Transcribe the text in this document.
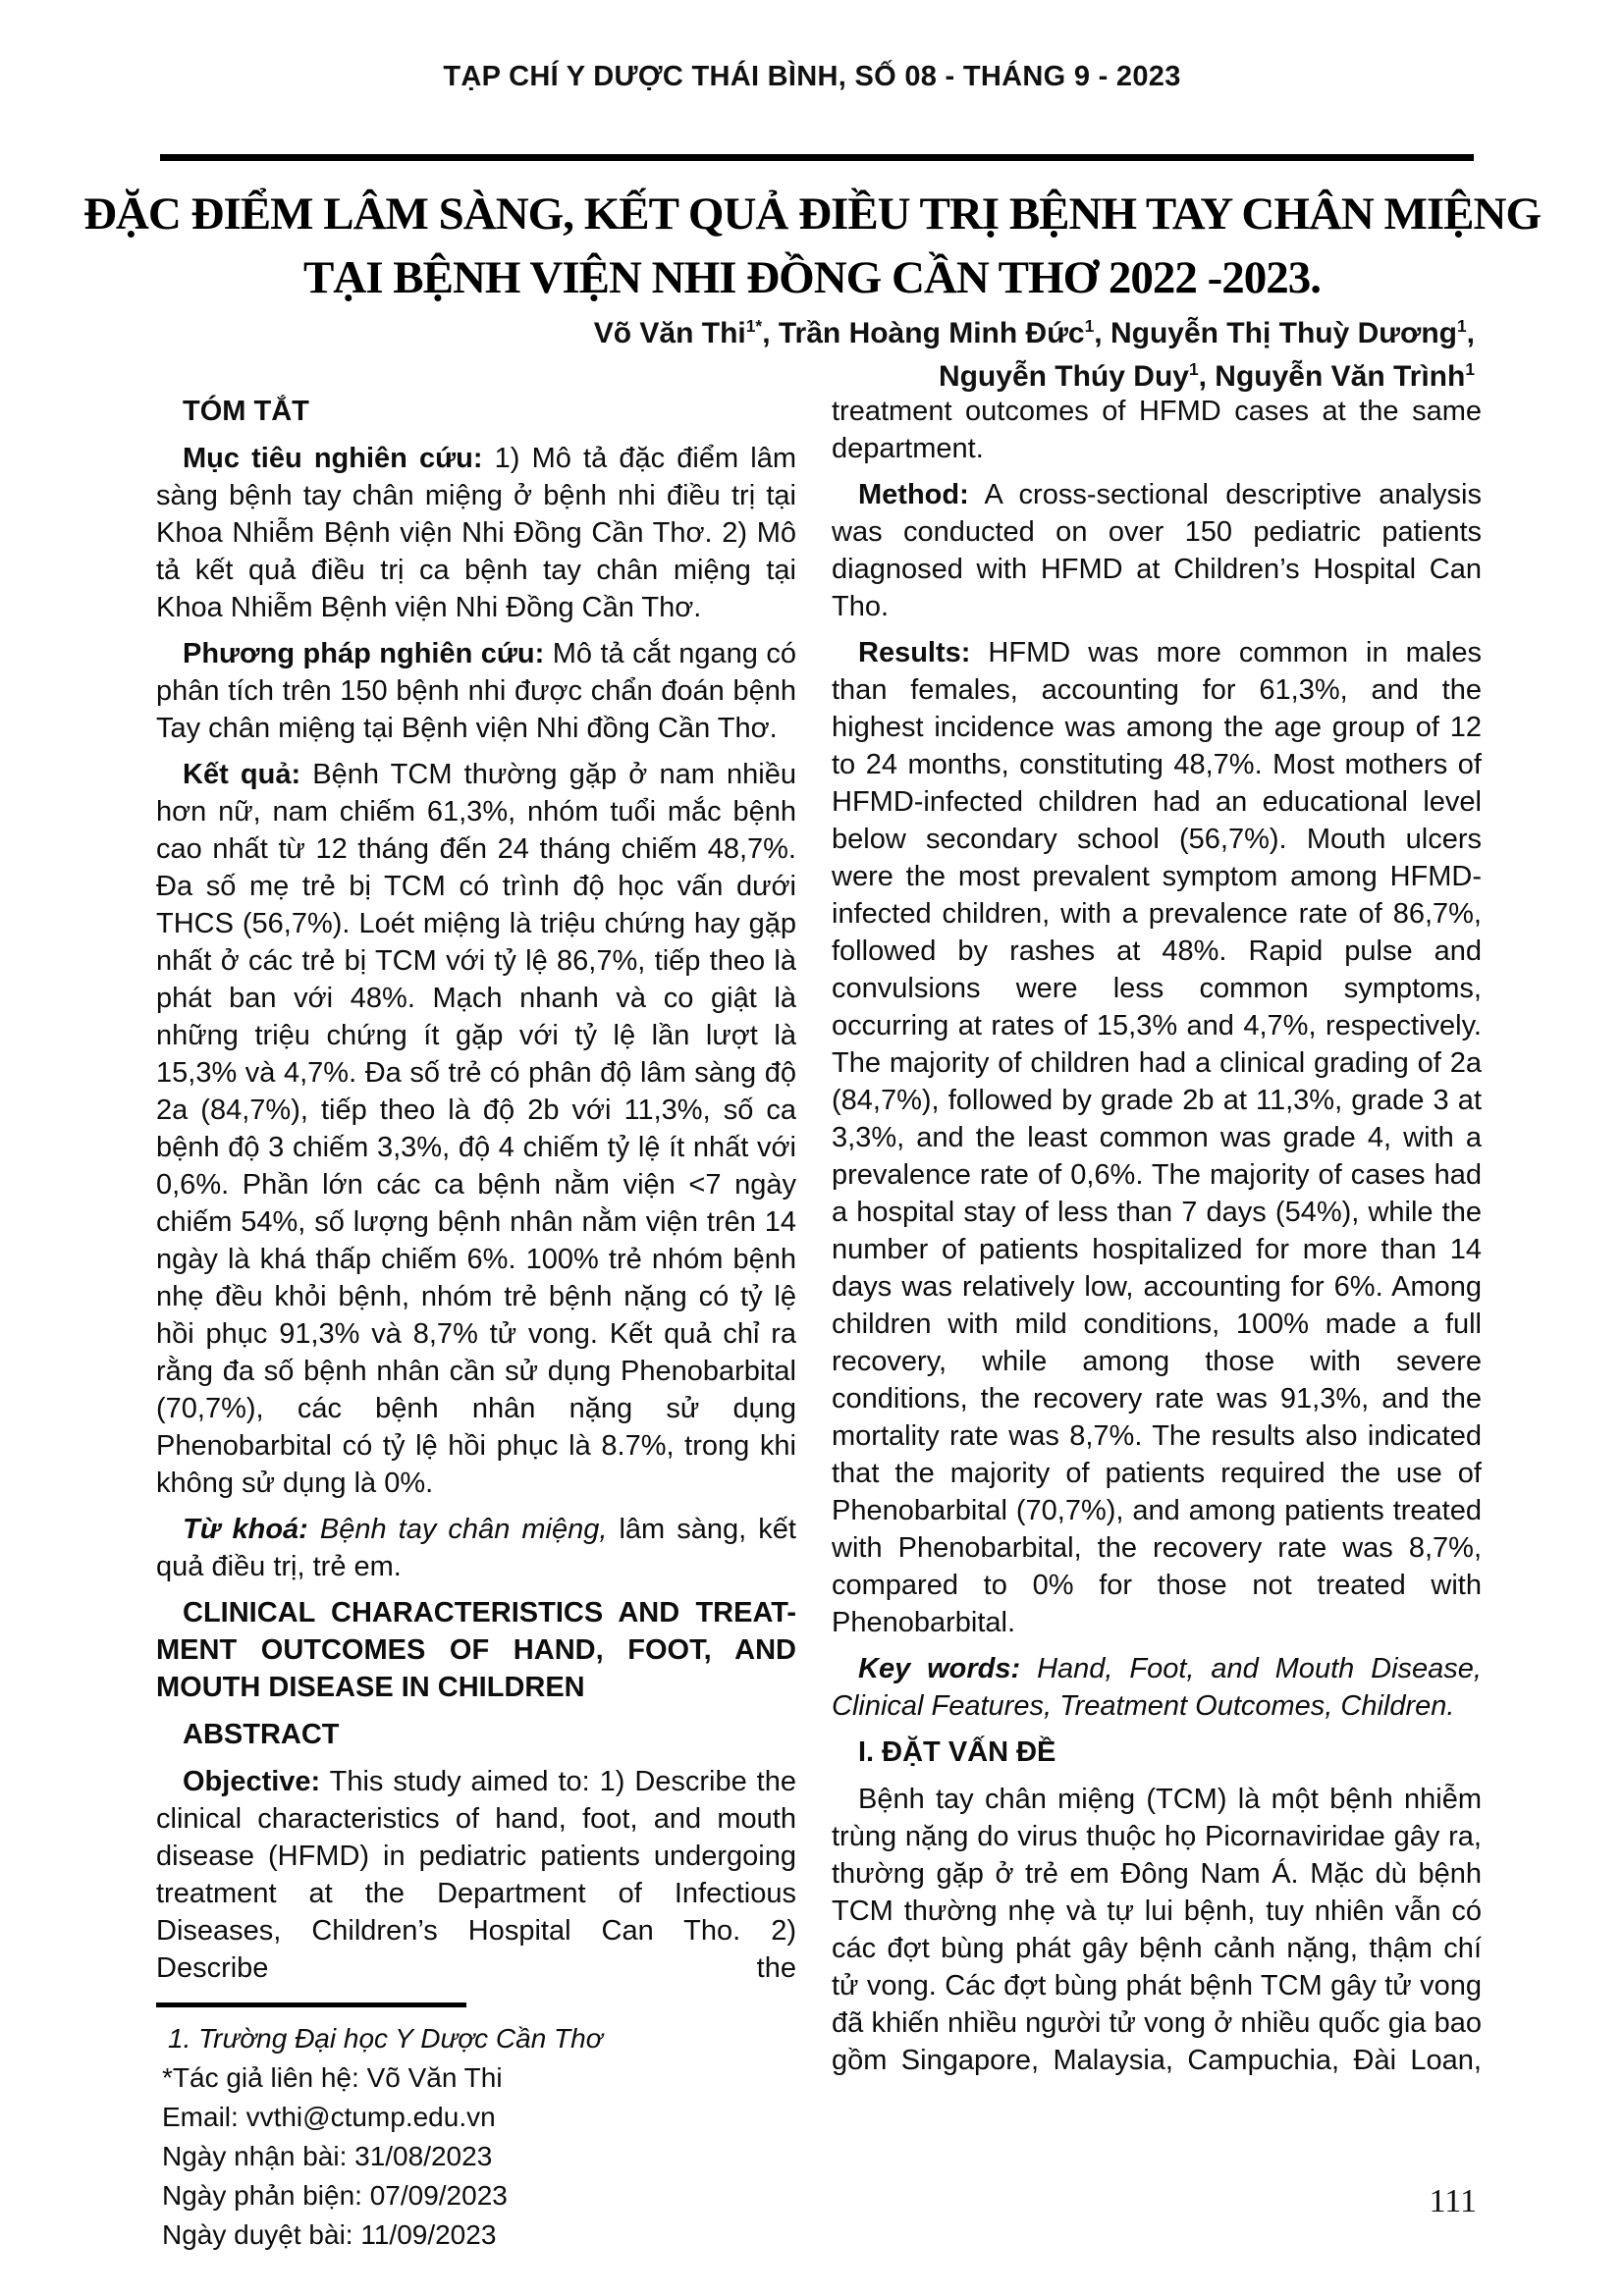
TẠP CHÍ Y DƯỢC THÁI BÌNH, SỐ 08 - THÁNG 9 - 2023
ĐẶC ĐIỂM LÂM SÀNG, KẾT QUẢ ĐIỀU TRỊ BỆNH TAY CHÂN MIỆNG
TẠI BỆNH VIỆN NHI ĐỒNG CẦN THƠ 2022 -2023.
Võ Văn Thi$^{1*}$, Trần Hoàng Minh Đức$^1$, Nguyễn Thị Thuỳ Dương$^1$,
Nguyễn Thúy Duy$^1$, Nguyễn Văn Trình$^1$
TÓM TẮT

Mục tiêu nghiên cứu: 1) Mô tả đặc điểm lâm sàng bệnh tay chân miệng ở bệnh nhi điều trị tại Khoa Nhiễm Bệnh viện Nhi Đồng Cần Thơ. 2) Mô tả kết quả điều trị ca bệnh tay chân miệng tại Khoa Nhiễm Bệnh viện Nhi Đồng Cần Thơ.

Phương pháp nghiên cứu: Mô tả cắt ngang có phân tích trên 150 bệnh nhi được chẩn đoán bệnh Tay chân miệng tại Bệnh viện Nhi đồng Cần Thơ.

Kết quả: Bệnh TCM thường gặp ở nam nhiều hơn nữ, nam chiếm 61,3%, nhóm tuổi mắc bệnh cao nhất từ 12 tháng đến 24 tháng chiếm 48,7%. Đa số mẹ trẻ bị TCM có trình độ học vấn dưới THCS (56,7%). Loét miệng là triệu chứng hay gặp nhất ở các trẻ bị TCM với tỷ lệ 86,7%, tiếp theo là phát ban với 48%. Mạch nhanh và co giật là những triệu chứng ít gặp với tỷ lệ lần lượt là 15,3% và 4,7%. Đa số trẻ có phân độ lâm sàng độ 2a (84,7%), tiếp theo là độ 2b với 11,3%, số ca bệnh độ 3 chiếm 3,3%, độ 4 chiếm tỷ lệ ít nhất với 0,6%. Phần lớn các ca bệnh nằm viện <7 ngày chiếm 54%, số lượng bệnh nhân nằm viện trên 14 ngày là khá thấp chiếm 6%. 100% trẻ nhóm bệnh nhẹ đều khỏi bệnh, nhóm trẻ bệnh nặng có tỷ lệ hồi phục 91,3% và 8,7% tử vong. Kết quả chỉ ra rằng đa số bệnh nhân cần sử dụng Phenobarbital (70,7%), các bệnh nhân nặng sử dụng Phenobarbital có tỷ lệ hồi phục là 8.7%, trong khi không sử dụng là 0%.

Từ khoá: Bệnh tay chân miệng, lâm sàng, kết quả điều trị, trẻ em.

CLINICAL CHARACTERISTICS AND TREAT-
MENT OUTCOMES OF HAND, FOOT, AND
MOUTH DISEASE IN CHILDREN
ABSTRACT

Objective: This study aimed to: 1) Describe the clinical characteristics of hand, foot, and mouth disease (HFMD) in pediatric patients undergoing treatment at the Department of Infectious Diseases, Children’s Hospital Can Tho. 2) Describe the

1. Trường Đại học Y Dược Cần Thơ
*Tác giả liên hệ: Võ Văn Thi
Email: vvthi@ctump.edu.vn
Ngày nhận bài: 31/08/2023
Ngày phản biện: 07/09/2023
Ngày duyệt bài: 11/09/2023

treatment outcomes of HFMD cases at the same department.

Method: A cross-sectional descriptive analysis was conducted on over 150 pediatric patients diagnosed with HFMD at Children’s Hospital Can Tho.

Results: HFMD was more common in males than females, accounting for 61,3%, and the highest incidence was among the age group of 12 to 24 months, constituting 48,7%. Most mothers of HFMD-infected children had an educational level below secondary school (56,7%). Mouth ulcers were the most prevalent symptom among HFMD-infected children, with a prevalence rate of 86,7%, followed by rashes at 48%. Rapid pulse and convulsions were less common symptoms, occurring at rates of 15,3% and 4,7%, respectively. The majority of children had a clinical grading of 2a (84,7%), followed by grade 2b at 11,3%, grade 3 at 3,3%, and the least common was grade 4, with a prevalence rate of 0,6%. The majority of cases had a hospital stay of less than 7 days (54%), while the number of patients hospitalized for more than 14 days was relatively low, accounting for 6%. Among children with mild conditions, 100% made a full recovery, while among those with severe conditions, the recovery rate was 91,3%, and the mortality rate was 8,7%. The results also indicated that the majority of patients required the use of Phenobarbital (70,7%), and among patients treated with Phenobarbital, the recovery rate was 8,7%, compared to 0% for those not treated with Phenobarbital.

Key words: Hand, Foot, and Mouth Disease, Clinical Features, Treatment Outcomes, Children.

I. ĐẶT VẤN ĐỀ

Bệnh tay chân miệng (TCM) là một bệnh nhiễm trùng nặng do virus thuộc họ Picornaviridae gây ra, thường gặp ở trẻ em Đông Nam Á. Mặc dù bệnh TCM thường nhẹ và tự lui bệnh, tuy nhiên vẫn có các đợt bùng phát gây bệnh cảnh nặng, thậm chí tử vong. Các đợt bùng phát bệnh TCM gây tử vong đã khiến nhiều người tử vong ở nhiều quốc gia bao gồm Singapore, Malaysia, Campuchia, Đài Loan,

111
